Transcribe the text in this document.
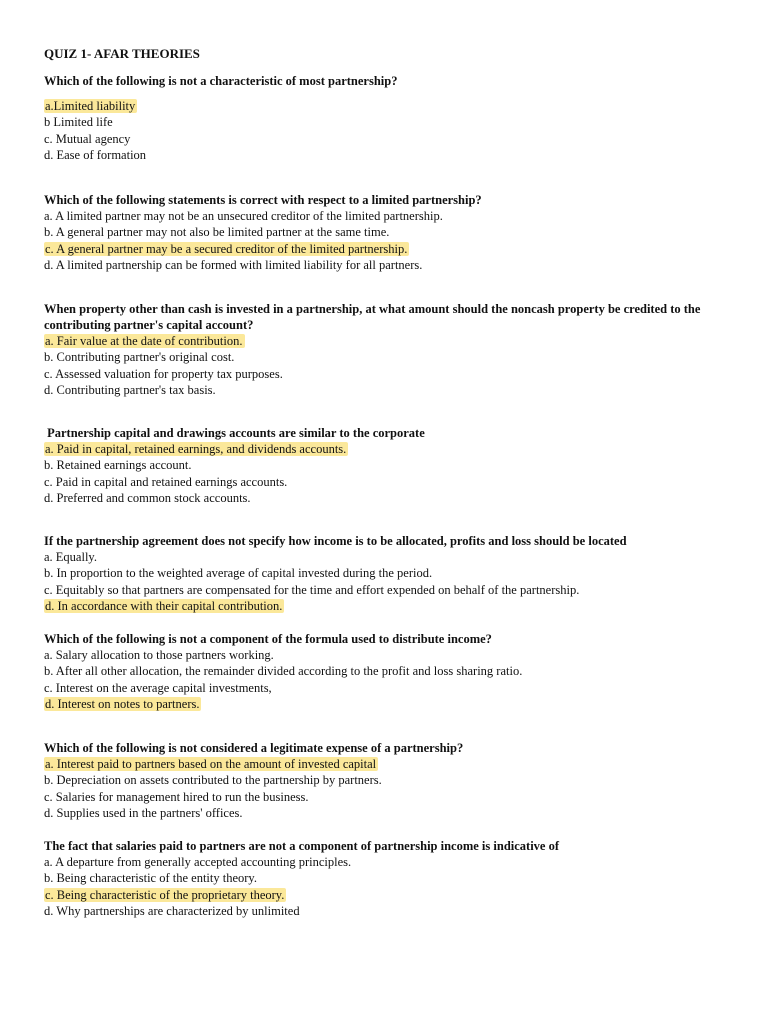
QUIZ 1- AFAR THEORIES

Which of the following is not a characteristic of most partnership?

a.Limited liability
b Limited life
c. Mutual agency
d. Ease of formation

Which of the following statements is correct with respect to a limited partnership?

a. A limited partner may not be an unsecured creditor of the limited partnership.
b. A general partner may not also be limited partner at the same time.
c. A general partner may be a secured creditor of the limited partnership.
d. A limited partnership can be formed with limited liability for all partners.

When property other than cash is invested in a partnership, at what amount should the noncash property be credited to the contributing partner's capital account?

a. Fair value at the date of contribution.
b. Contributing partner's original cost.
c. Assessed valuation for property tax purposes.
d. Contributing partner's tax basis.

Partnership capital and drawings accounts are similar to the corporate

a. Paid in capital, retained earnings, and dividends accounts.
b. Retained earnings account.
c. Paid in capital and retained earnings accounts.
d. Preferred and common stock accounts.

If the partnership agreement does not specify how income is to be allocated, profits and loss should be located

a. Equally.
b. In proportion to the weighted average of capital invested during the period.
c. Equitably so that partners are compensated for the time and effort expended on behalf of the partnership.
d. In accordance with their capital contribution.

Which of the following is not a component of the formula used to distribute income?

a. Salary allocation to those partners working.
b. After all other allocation, the remainder divided according to the profit and loss sharing ratio.
c. Interest on the average capital investments,
d. Interest on notes to partners.

Which of the following is not considered a legitimate expense of a partnership?

a. Interest paid to partners based on the amount of invested capital
b. Depreciation on assets contributed to the partnership by partners.
c. Salaries for management hired to run the business.
d. Supplies used in the partners' offices.

The fact that salaries paid to partners are not a component of partnership income is indicative of

a. A departure from generally accepted accounting principles.
b. Being characteristic of the entity theory.
c. Being characteristic of the proprietary theory.
d. Why partnerships are characterized by unlimited
